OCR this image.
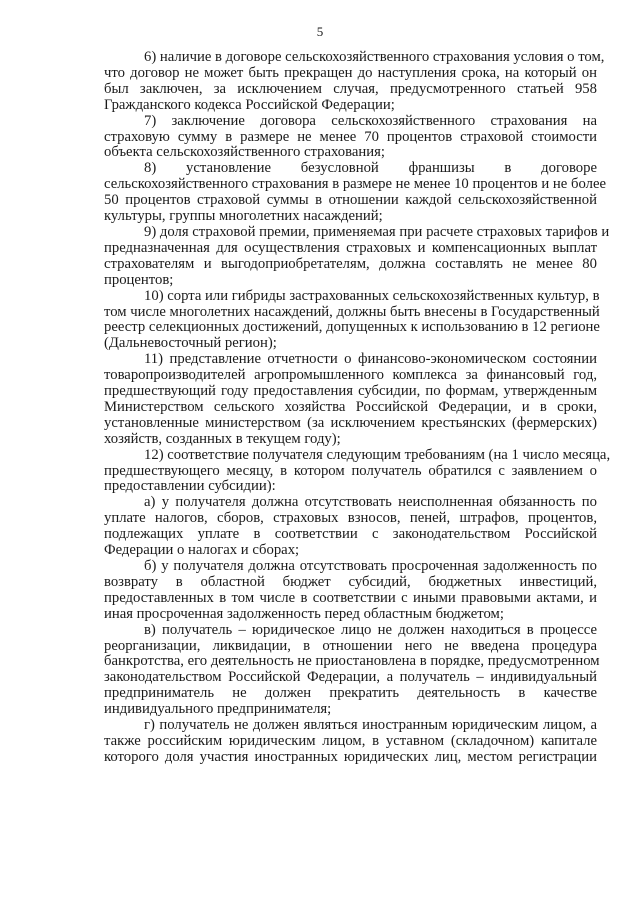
5
6) наличие в договоре сельскохозяйственного страхования условия о том,
что договор не может быть прекращен до наступления срока, на который он
был заключен, за исключением случая, предусмотренного статьей 958
Гражданского кодекса Российской Федерации;
7) заключение договора сельскохозяйственного страхования на
страховую сумму в размере не менее 70 процентов страховой стоимости
объекта сельскохозяйственного страхования;
8) установление безусловной франшизы в договоре
сельскохозяйственного страхования в размере не менее 10 процентов и не более
50 процентов страховой суммы в отношении каждой сельскохозяйственной
культуры, группы многолетних насаждений;
9) доля страховой премии, применяемая при расчете страховых тарифов и
предназначенная для осуществления страховых и компенсационных выплат
страхователям и выгодоприобретателям, должна составлять не менее 80
процентов;
10) сорта или гибриды застрахованных сельскохозяйственных культур, в
том числе многолетних насаждений, должны быть внесены в Государственный
реестр селекционных достижений, допущенных к использованию в 12 регионе
(Дальневосточный регион);
11) представление отчетности о финансово-экономическом состоянии
товаропроизводителей агропромышленного комплекса за финансовый год,
предшествующий году предоставления субсидии, по формам, утвержденным
Министерством сельского хозяйства Российской Федерации, и в сроки,
установленные министерством (за исключением крестьянских (фермерских)
хозяйств, созданных в текущем году);
12) соответствие получателя следующим требованиям (на 1 число месяца,
предшествующего месяцу, в котором получатель обратился с заявлением о
предоставлении субсидии):
а) у получателя должна отсутствовать неисполненная обязанность по
уплате налогов, сборов, страховых взносов, пеней, штрафов, процентов,
подлежащих уплате в соответствии с законодательством Российской
Федерации о налогах и сборах;
б) у получателя должна отсутствовать просроченная задолженность по
возврату в областной бюджет субсидий, бюджетных инвестиций,
предоставленных в том числе в соответствии с иными правовыми актами, и
иная просроченная задолженность перед областным бюджетом;
в) получатель – юридическое лицо не должен находиться в процессе
реорганизации, ликвидации, в отношении него не введена процедура
банкротства, его деятельность не приостановлена в порядке, предусмотренном
законодательством Российской Федерации, а получатель – индивидуальный
предприниматель не должен прекратить деятельность в качестве
индивидуального предпринимателя;
г) получатель не должен являться иностранным юридическим лицом, а
также российским юридическим лицом, в уставном (складочном) капитале
которого доля участия иностранных юридических лиц, местом регистрации
